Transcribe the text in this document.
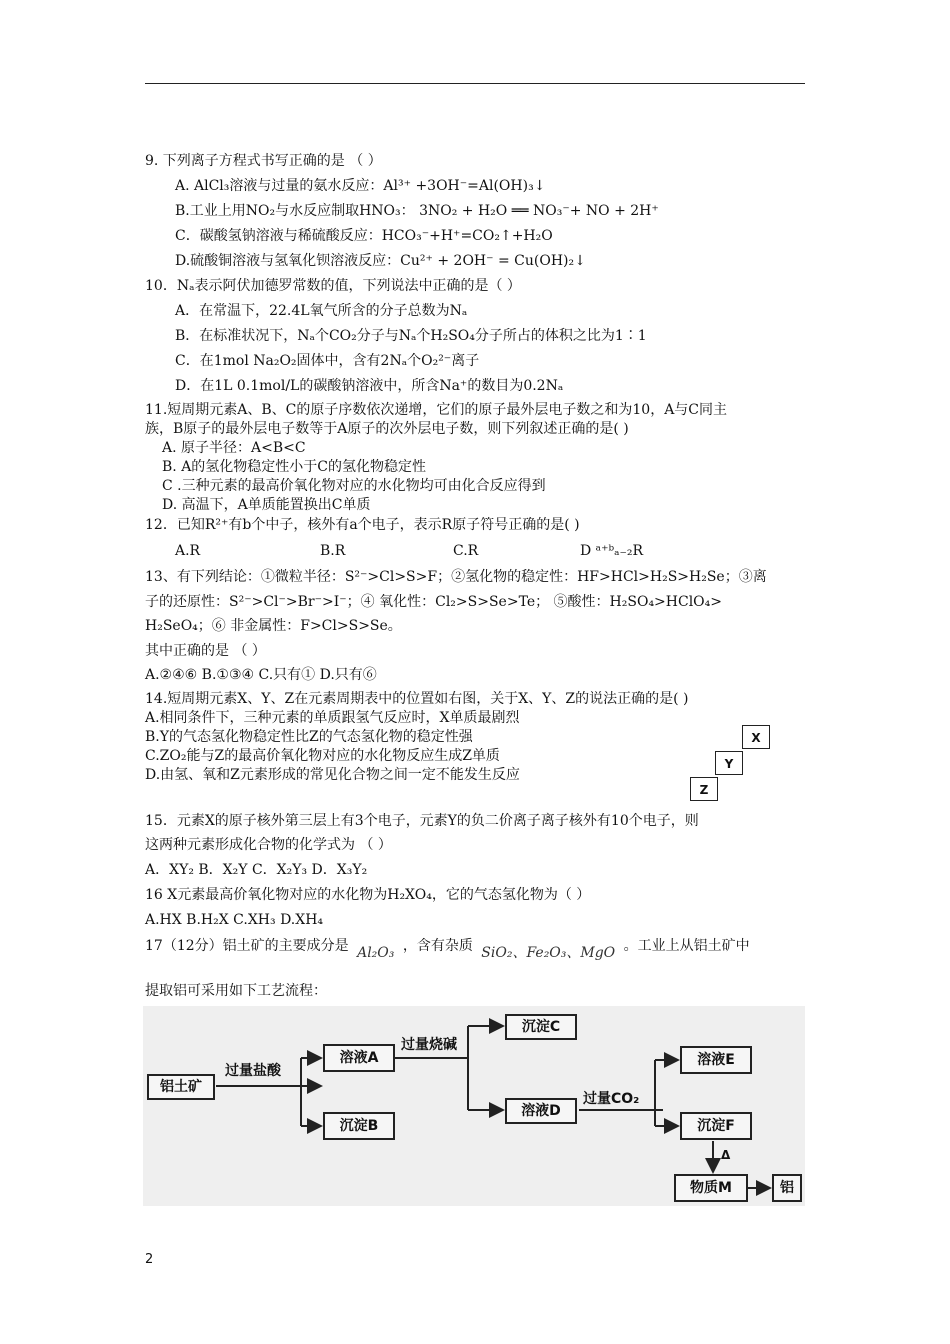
9. 下列离子方程式书写正确的是 （ ）
A. AlCl₃溶液与过量的氨水反应：Al³⁺ +3OH⁻=Al(OH)₃↓
B.工业上用NO₂与水反应制取HNO₃： 3NO₂ + H₂O ══ NO₃⁻+ NO + 2H⁺
C．碳酸氢钠溶液与稀硫酸反应：HCO₃⁻+H⁺=CO₂↑+H₂O
D.硫酸铜溶液与氢氧化钡溶液反应：Cu²⁺ + 2OH⁻ = Cu(OH)₂↓
10．Nₐ表示阿伏加德罗常数的值，下列说法中正确的是（ ）
A．在常温下，22.4L氧气所含的分子总数为Nₐ
B．在标准状况下，Nₐ个CO₂分子与Nₐ个H₂SO₄分子所占的体积之比为1∶1
C．在1mol Na₂O₂固体中，含有2Nₐ个O₂²⁻离子
D．在1L 0.1mol/L的碳酸钠溶液中，所含Na⁺的数目为0.2Nₐ
11.短周期元素A、B、C的原子序数依次递增，它们的原子最外层电子数之和为10，A与C同主
族，B原子的最外层电子数等于A原子的次外层电子数，则下列叙述正确的是( )
A. 原子半径：A<B<C
B. A的氢化物稳定性小于C的氢化物稳定性
C .三种元素的最高价氧化物对应的水化物均可由化合反应得到
D. 高温下，A单质能置换出C单质
12．已知R²⁺有b个中子，核外有a个电子，表示R原子符号正确的是( )
A.R	B.R	C.R	D ᵃ⁺ᵇₐ₋₂R
13、有下列结论：①微粒半径：S²⁻>Cl>S>F；②氢化物的稳定性：HF>HCl>H₂S>H₂Se；③离
子的还原性：S²⁻>Cl⁻>Br⁻>I⁻；④ 氧化性：Cl₂>S>Se>Te； ⑤酸性：H₂SO₄>HClO₄>
H₂SeO₄；⑥ 非金属性：F>Cl>S>Se。
其中正确的是 （ ）
A.②④⑥ B.①③④ C.只有① D.只有⑥
14.短周期元素X、Y、Z在元素周期表中的位置如右图，关于X、Y、Z的说法正确的是( )
A.相同条件下，三种元素的单质跟氢气反应时，X单质最剧烈
B.Y的气态氢化物稳定性比Z的气态氢化物的稳定性强
C.ZO₂能与Z的最高价氧化物对应的水化物反应生成Z单质
D.由氢、氧和Z元素形成的常见化合物之间一定不能发生反应
X
Y
Z
15．元素X的原子核外第三层上有3个电子，元素Y的负二价离子离子核外有10个电子，则
这两种元素形成化合物的化学式为 （ ）
A．XY₂ B．X₂Y C．X₂Y₃ D．X₃Y₂
16 X元素最高价氧化物对应的水化物为H₂XO₄，它的气态氢化物为（ ）
A.HX B.H₂X C.XH₃ D.XH₄
17（12分）铝土矿的主要成分是 Al₂O₃ ，含有杂质 SiO₂、Fe₂O₃、MgO 。工业上从铝土矿中
提取铝可采用如下工艺流程：
铝土矿
过量盐酸
溶液A
沉淀B
过量烧碱
沉淀C
溶液D
过量CO₂
溶液E
沉淀F
Δ
物质M	铝
2
